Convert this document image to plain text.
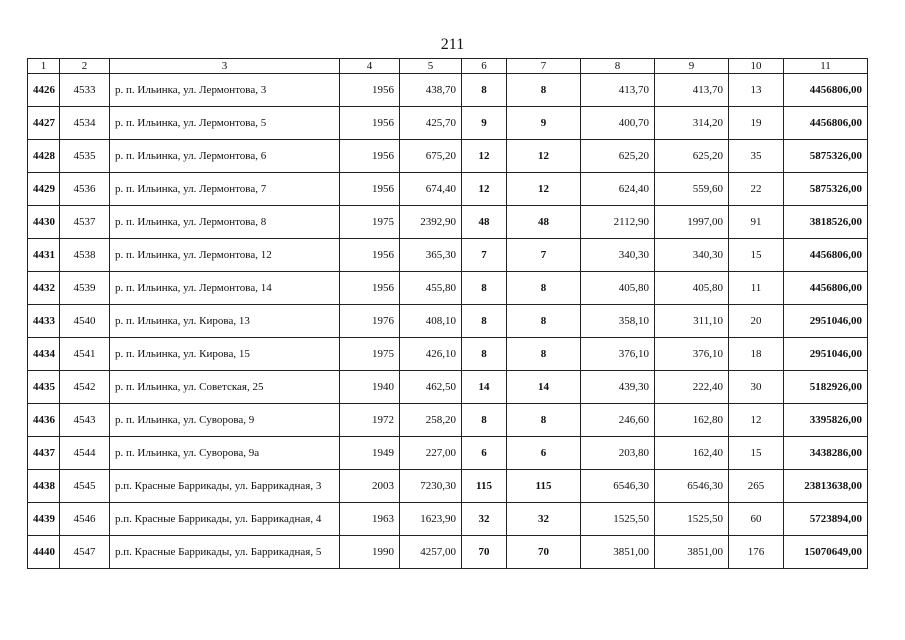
211
1	2	3	4	5	6	7	8	9	10	11
4426	4533	р. п. Ильинка, ул. Лермонтова, 3	1956	438,70	8	8	413,70	413,70	13	4456806,00
4427	4534	р. п. Ильинка, ул. Лермонтова, 5	1956	425,70	9	9	400,70	314,20	19	4456806,00
4428	4535	р. п. Ильинка, ул. Лермонтова, 6	1956	675,20	12	12	625,20	625,20	35	5875326,00
4429	4536	р. п. Ильинка, ул. Лермонтова, 7	1956	674,40	12	12	624,40	559,60	22	5875326,00
4430	4537	р. п. Ильинка, ул. Лермонтова, 8	1975	2392,90	48	48	2112,90	1997,00	91	3818526,00
4431	4538	р. п. Ильинка, ул. Лермонтова, 12	1956	365,30	7	7	340,30	340,30	15	4456806,00
4432	4539	р. п. Ильинка, ул. Лермонтова, 14	1956	455,80	8	8	405,80	405,80	11	4456806,00
4433	4540	р. п. Ильинка, ул. Кирова, 13	1976	408,10	8	8	358,10	311,10	20	2951046,00
4434	4541	р. п. Ильинка, ул. Кирова, 15	1975	426,10	8	8	376,10	376,10	18	2951046,00
4435	4542	р. п. Ильинка, ул. Советская, 25	1940	462,50	14	14	439,30	222,40	30	5182926,00
4436	4543	р. п. Ильинка, ул. Суворова, 9	1972	258,20	8	8	246,60	162,80	12	3395826,00
4437	4544	р. п. Ильинка, ул. Суворова, 9а	1949	227,00	6	6	203,80	162,40	15	3438286,00
4438	4545	р.п. Красные Баррикады, ул. Баррикадная, 3	2003	7230,30	115	115	6546,30	6546,30	265	23813638,00
4439	4546	р.п. Красные Баррикады, ул. Баррикадная, 4	1963	1623,90	32	32	1525,50	1525,50	60	5723894,00
4440	4547	р.п. Красные Баррикады, ул. Баррикадная, 5	1990	4257,00	70	70	3851,00	3851,00	176	15070649,00
